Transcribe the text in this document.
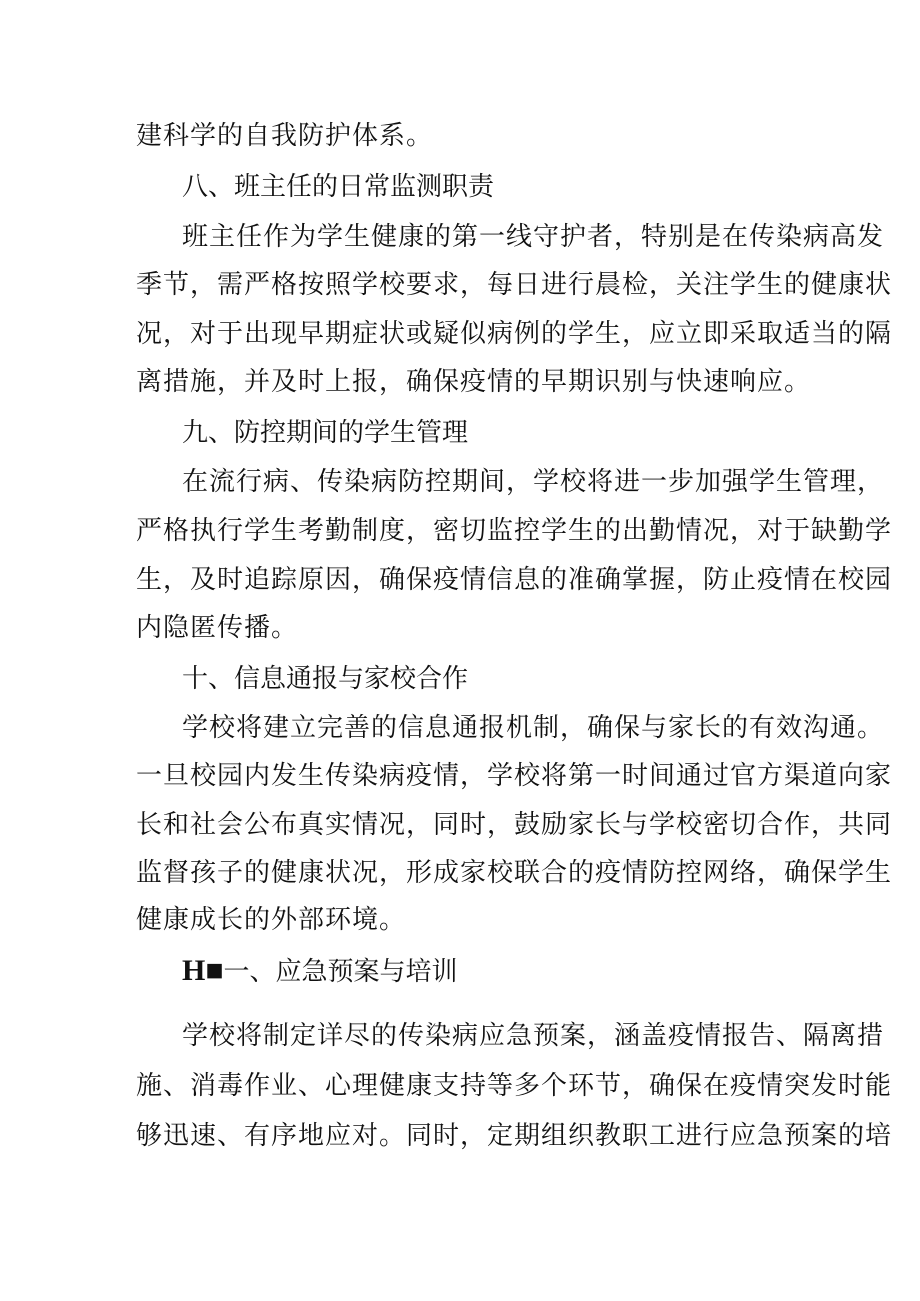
建科学的自我防护体系。
八、班主任的日常监测职责
班主任作为学生健康的第一线守护者，特别是在传染病高发
季节，需严格按照学校要求，每日进行晨检，关注学生的健康状
况，对于出现早期症状或疑似病例的学生，应立即采取适当的隔
离措施，并及时上报，确保疫情的早期识别与快速响应。
九、防控期间的学生管理
在流行病、传染病防控期间，学校将进一步加强学生管理，
严格执行学生考勤制度，密切监控学生的出勤情况，对于缺勤学
生，及时追踪原因，确保疫情信息的准确掌握，防止疫情在校园
内隐匿传播。
十、信息通报与家校合作
学校将建立完善的信息通报机制，确保与家长的有效沟通。
一旦校园内发生传染病疫情，学校将第一时间通过官方渠道向家
长和社会公布真实情况，同时，鼓励家长与学校密切合作，共同
监督孩子的健康状况，形成家校联合的疫情防控网络，确保学生
健康成长的外部环境。
H■一、应急预案与培训
学校将制定详尽的传染病应急预案，涵盖疫情报告、隔离措
施、消毒作业、心理健康支持等多个环节，确保在疫情突发时能
够迅速、有序地应对。同时，定期组织教职工进行应急预案的培
